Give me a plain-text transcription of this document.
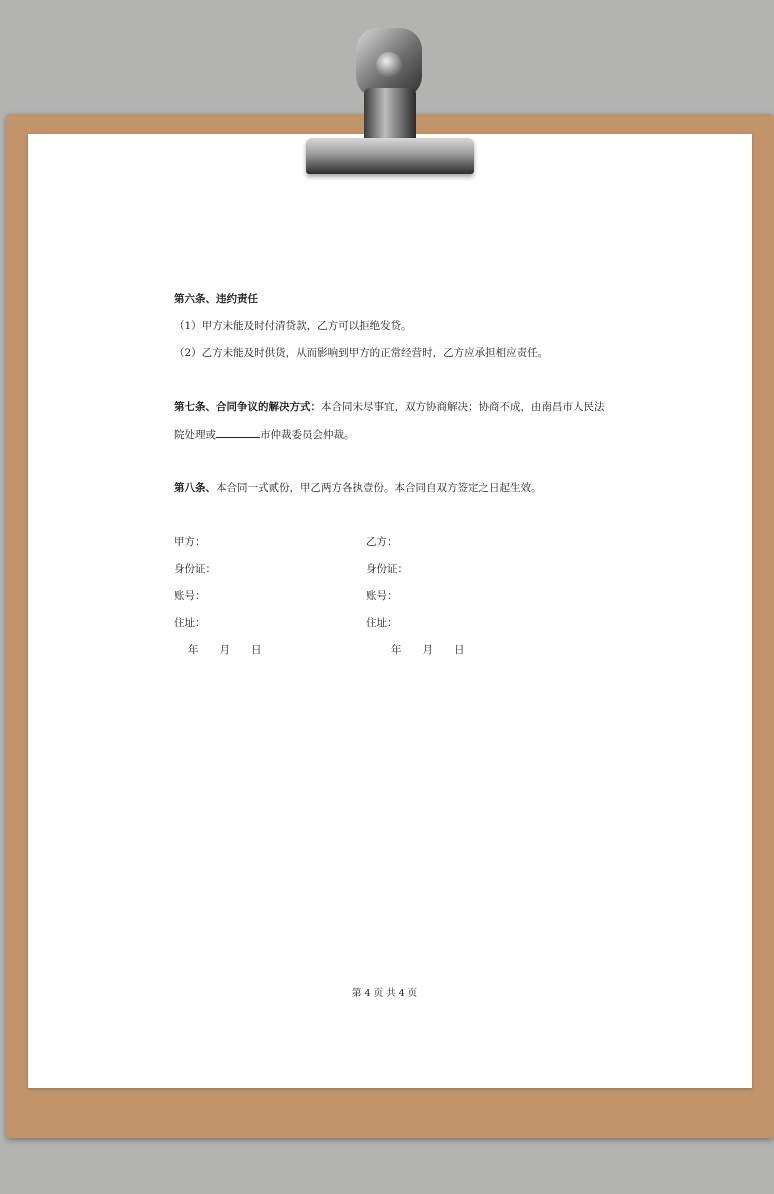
第六条、违约责任
（1）甲方未能及时付清贷款，乙方可以拒绝发贷。
（2）乙方未能及时供货，从而影响到甲方的正常经营时，乙方应承担相应责任。
第七条、合同争议的解决方式：本合同未尽事宜，双方协商解决；协商不成，由南昌市人民法
院处理或	市仲裁委员会仲裁。
第八条、本合同一式贰份，甲乙两方各执壹份。本合同自双方签定之日起生效。
甲方：
身份证：
账号：
住址：
年　　月　　日
乙方：
身份证：
账号：
住址：
年　　月　　日
第 4 页 共 4 页
